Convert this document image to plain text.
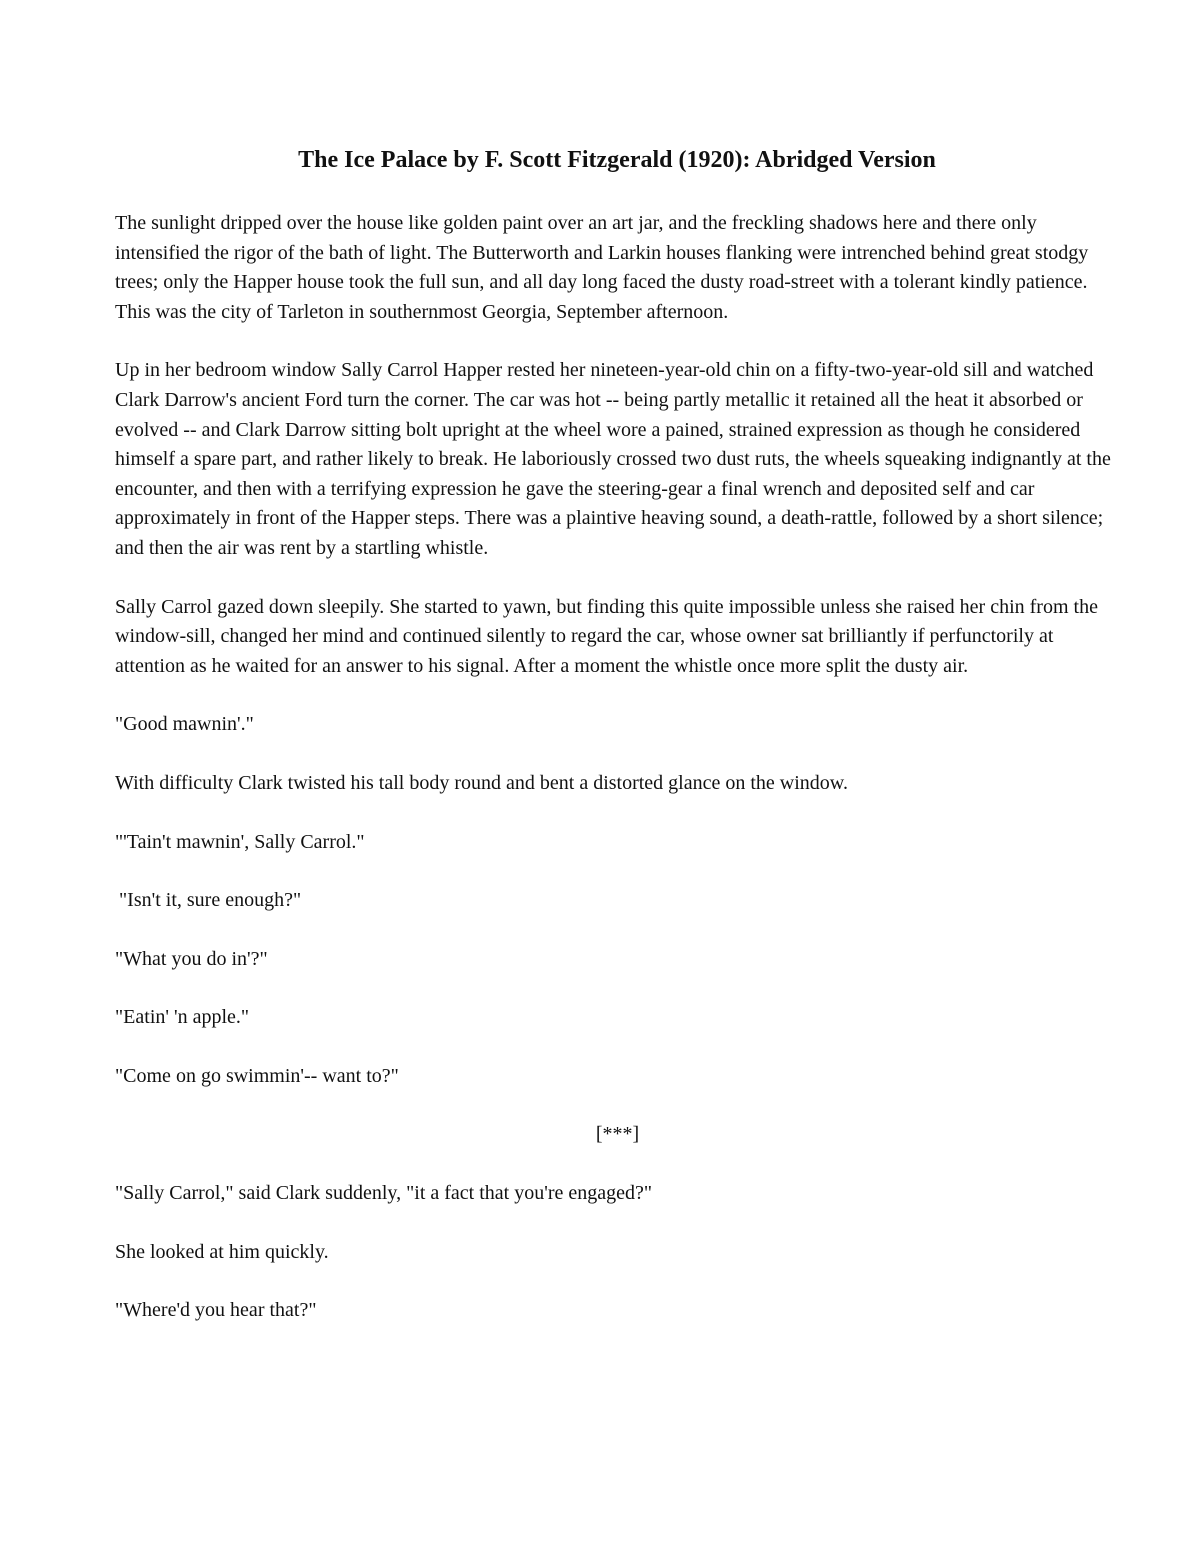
The Ice Palace by F. Scott Fitzgerald (1920): Abridged Version

The sunlight dripped over the house like golden paint over an art jar, and the freckling shadows here and there only intensified the rigor of the bath of light. The Butterworth and Larkin houses flanking were intrenched behind great stodgy trees; only the Happer house took the full sun, and all day long faced the dusty road-street with a tolerant kindly patience. This was the city of Tarleton in southernmost Georgia, September afternoon.

Up in her bedroom window Sally Carrol Happer rested her nineteen-year-old chin on a fifty-two-year-old sill and watched Clark Darrow's ancient Ford turn the corner. The car was hot -- being partly metallic it retained all the heat it absorbed or evolved -- and Clark Darrow sitting bolt upright at the wheel wore a pained, strained expression as though he considered himself a spare part, and rather likely to break. He laboriously crossed two dust ruts, the wheels squeaking indignantly at the encounter, and then with a terrifying expression he gave the steering-gear a final wrench and deposited self and car approximately in front of the Happer steps. There was a plaintive heaving sound, a death-rattle, followed by a short silence; and then the air was rent by a startling whistle.

Sally Carrol gazed down sleepily. She started to yawn, but finding this quite impossible unless she raised her chin from the window-sill, changed her mind and continued silently to regard the car, whose owner sat brilliantly if perfunctorily at attention as he waited for an answer to his signal. After a moment the whistle once more split the dusty air.

"Good mawnin'."

With difficulty Clark twisted his tall body round and bent a distorted glance on the window.

"'Tain't mawnin', Sally Carrol."

"Isn't it, sure enough?"

"What you do in'?"

"Eatin' 'n apple."

"Come on go swimmin'-- want to?"

[***]

"Sally Carrol," said Clark suddenly, "it a fact that you're engaged?"

She looked at him quickly.

"Where'd you hear that?"
